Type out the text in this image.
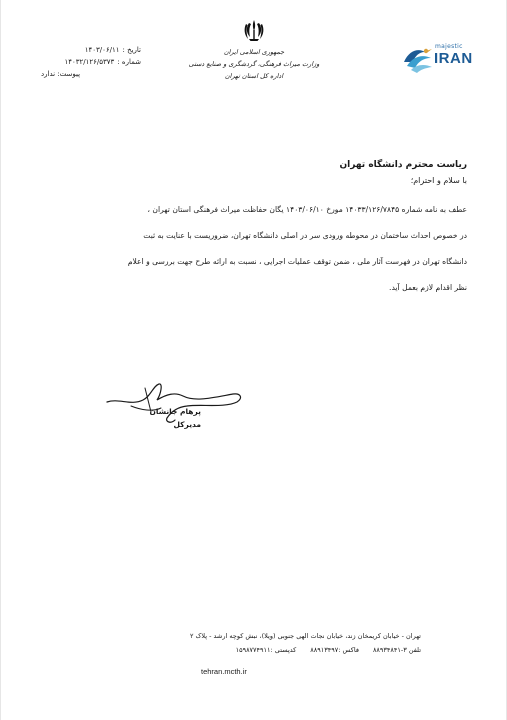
تاریخ :
۱۴۰۳/۰۶/۱۱
شماره :
۱۴۰۳۲/۱۲۶/۵۳۷۳
پیوست: ندارد
جمهوری اسلامی ایران
وزارت میراث فرهنگی، گردشگری و صنایع دستی
اداره کل استان تهران
majestic
IRAN

ریاست محترم دانشگاه تهران

با سلام و احترام؛

عطف به نامه شماره ۱۴۰۳۳/۱۲۶/۷۸۴۵ مورخ ۱۴۰۳/۰۶/۱۰ یگان حفاظت میراث فرهنگی استان تهران ،

در خصوص احداث ساختمان در محوطه ورودی سر در اصلی دانشگاه تهران، ضروریست با عنایت به ثبت

دانشگاه تهران در فهرست آثار ملی ، ضمن توقف عملیات اجرایی ، نسبت به ارائه طرح جهت بررسی و اعلام

نظر اقدام لازم بعمل آید.

پرهام جانشان
مدیرکل
تهران - خیابان کریمخان زند، خیابان نجات الهی جنوبی (ویلا)، نبش کوچه ارشد - پلاک ۲
تلفن ۳-۸۸۹۳۴۸۴۱
فاکس :۸۸۹۱۳۴۹۷
کدپستی :۱۵۹۸۷۷۴۹۱۱
tehran.mcth.ir
